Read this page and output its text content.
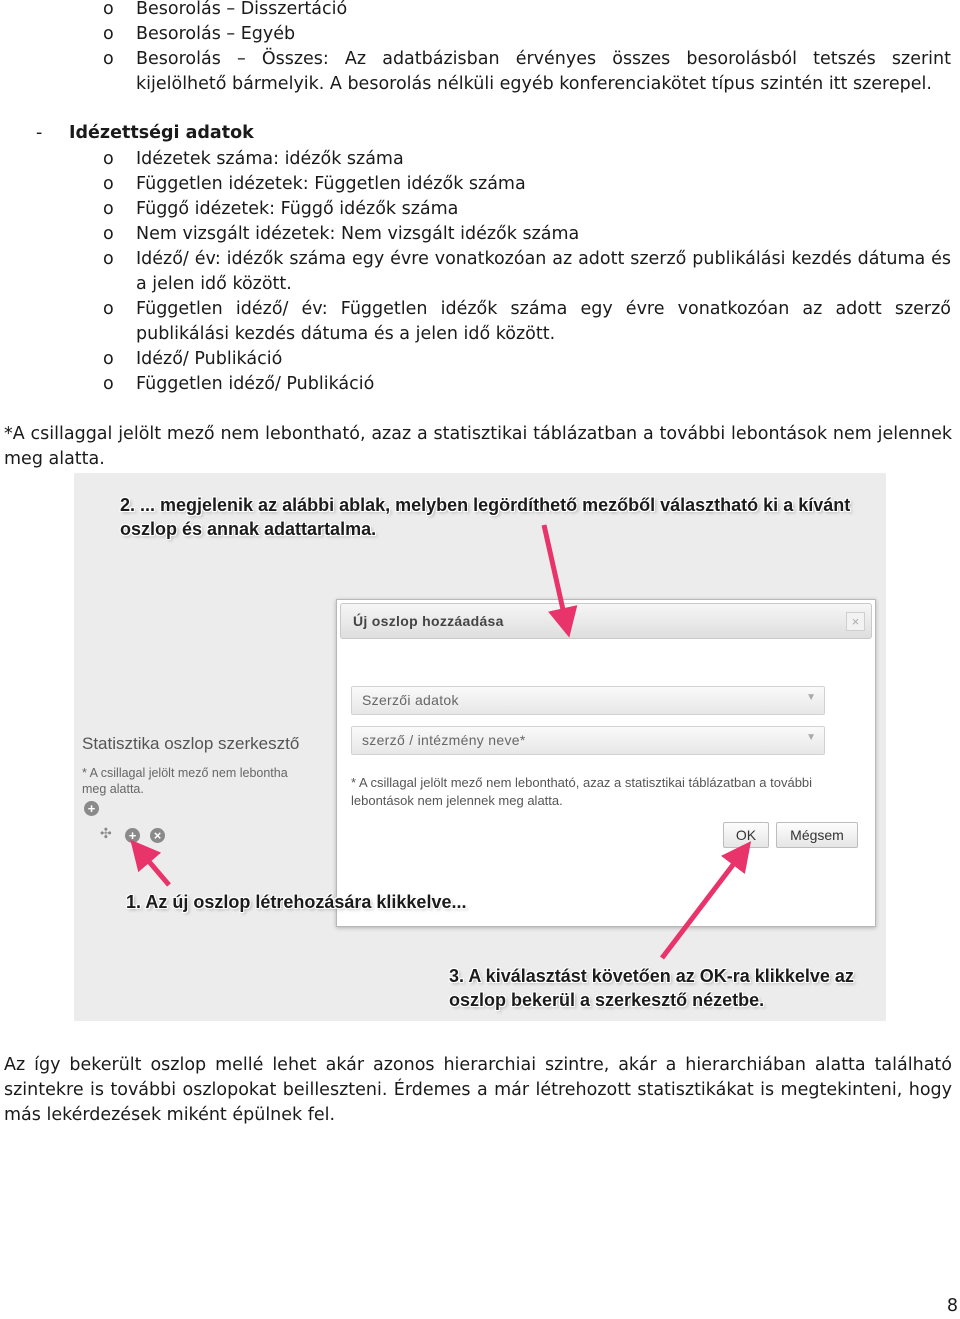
o Besorolás – Disszertáció
o Besorolás – Egyéb
o Besorolás – Összes: Az adatbázisban érvényes összes besorolásból tetszés szerint kijelölhető bármelyik. A besorolás nélküli egyéb konferenciakötet típus szintén itt szerepel.
- Idézettségi adatok
o Idézetek száma: idézők száma
o Független idézetek: Független idézők száma
o Függő idézetek: Függő idézők száma
o Nem vizsgált idézetek: Nem vizsgált idézők száma
o Idéző/ év: idézők száma egy évre vonatkozóan az adott szerző publikálási kezdés dátuma és a jelen idő között.
o Független idéző/ év: Független idézők száma egy évre vonatkozóan az adott szerző publikálási kezdés dátuma és a jelen idő között.
o Idéző/ Publikáció
o Független idéző/ Publikáció
*A csillaggal jelölt mező nem lebontható, azaz a statisztikai táblázatban a további lebontások nem jelennek meg alatta.
2. ... megjelenik az alábbi ablak, melyben legördíthető mezőből választható ki a kívánt oszlop és annak adattartalma.
Statisztika oszlop szerkesztő
* A csillagal jelölt mező nem lebontha
meg alatta.
+
✣ + ×
Új oszlop hozzáadása	×
Szerzői adatok	▼
szerző / intézmény neve*	▼
* A csillagal jelölt mező nem lebontható, azaz a statisztikai táblázatban a további lebontások nem jelennek meg alatta.
OK	Mégsem
1. Az új oszlop létrehozására klikkelve...
3. A kiválasztást követően az OK-ra klikkelve az oszlop bekerül a szerkesztő nézetbe.
Az így bekerült oszlop mellé lehet akár azonos hierarchiai szintre, akár a hierarchiában alatta található szintekre is további oszlopokat beilleszteni. Érdemes a már létrehozott statisztikákat is megtekinteni, hogy más lekérdezések miként épülnek fel.
8
